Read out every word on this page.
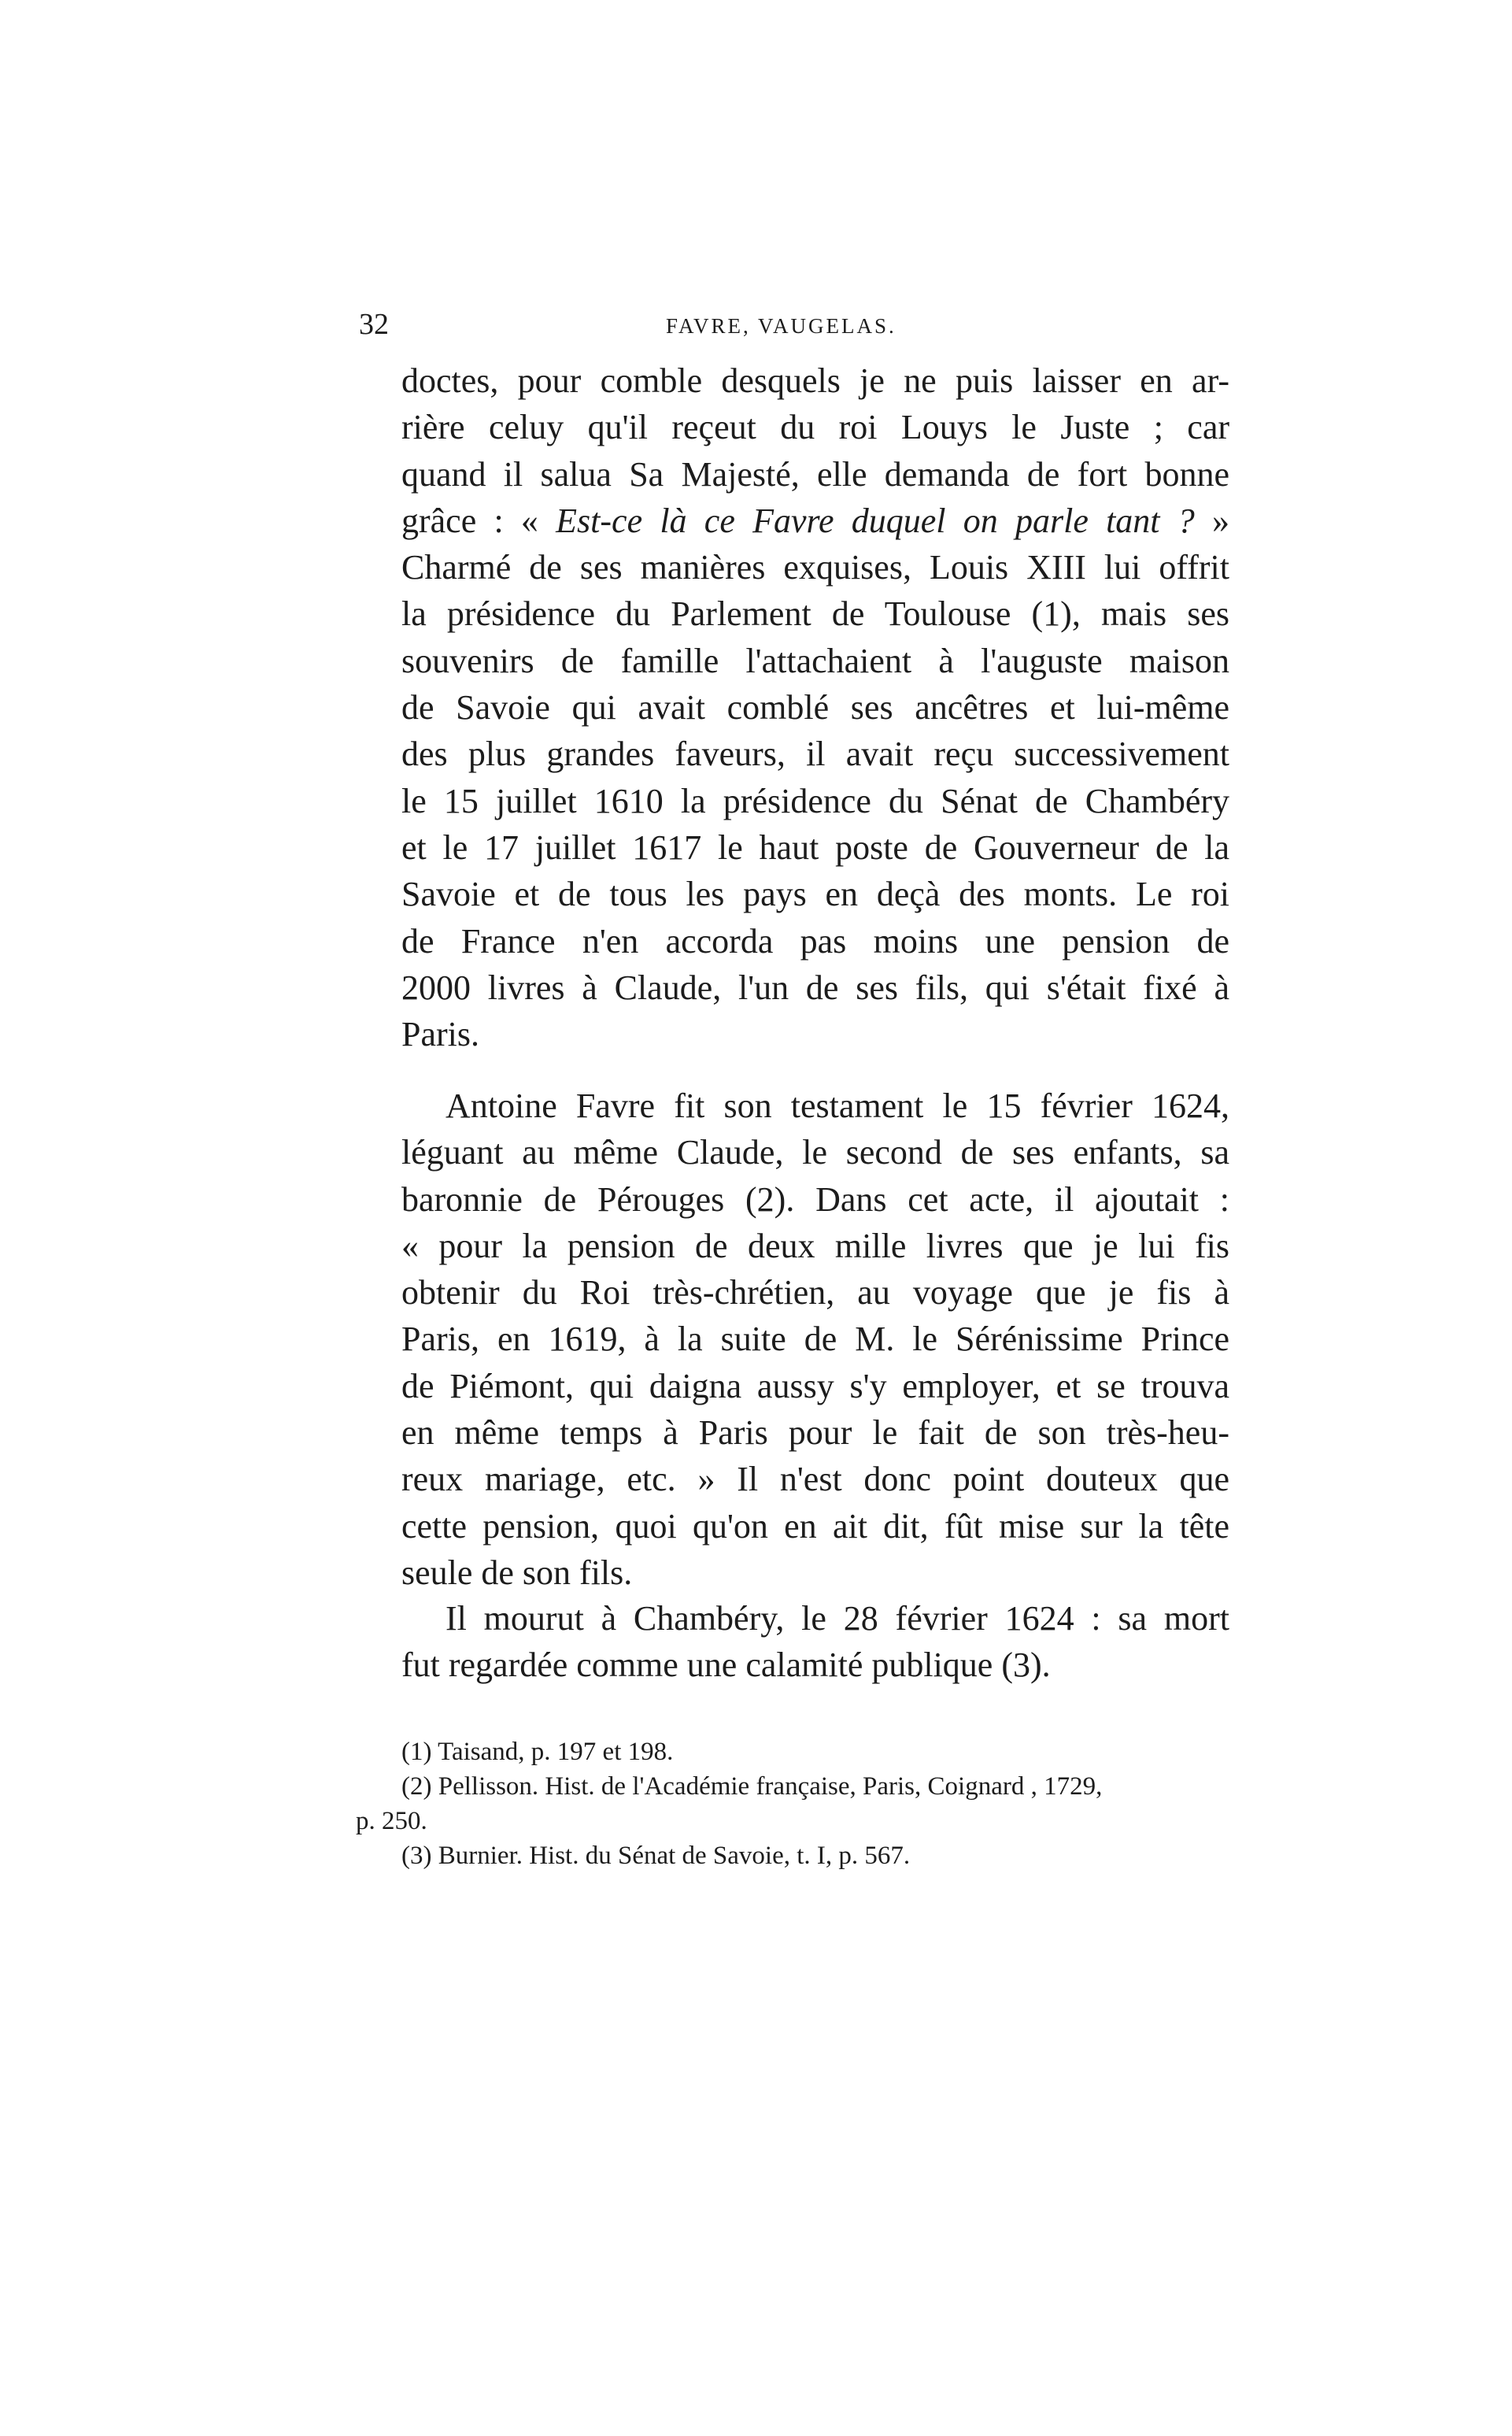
32	FAVRE, VAUGELAS.
doctes, pour comble desquels je ne puis laisser en ar-
rière celuy qu'il reçeut du roi Louys le Juste ; car
quand il salua Sa Majesté, elle demanda de fort bonne
grâce : « Est-ce là ce Favre duquel on parle tant ? »
Charmé de ses manières exquises, Louis XIII lui offrit
la présidence du Parlement de Toulouse (1), mais ses
souvenirs de famille l'attachaient à l'auguste maison
de Savoie qui avait comblé ses ancêtres et lui-même
des plus grandes faveurs, il avait reçu successivement
le 15 juillet 1610 la présidence du Sénat de Chambéry
et le 17 juillet 1617 le haut poste de Gouverneur de la
Savoie et de tous les pays en deçà des monts. Le roi
de France n'en accorda pas moins une pension de
2000 livres à Claude, l'un de ses fils, qui s'était fixé à
Paris.
Antoine Favre fit son testament le 15 février 1624,
léguant au même Claude, le second de ses enfants, sa
baronnie de Pérouges (2). Dans cet acte, il ajoutait :
« pour la pension de deux mille livres que je lui fis
obtenir du Roi très-chrétien, au voyage que je fis à
Paris, en 1619, à la suite de M. le Sérénissime Prince
de Piémont, qui daigna aussy s'y employer, et se trouva
en même temps à Paris pour le fait de son très-heu-
reux mariage, etc. » Il n'est donc point douteux que
cette pension, quoi qu'on en ait dit, fût mise sur la tête
seule de son fils.
Il mourut à Chambéry, le 28 février 1624 : sa mort
fut regardée comme une calamité publique (3).
(1) Taisand, p. 197 et 198.
(2) Pellisson. Hist. de l'Académie française, Paris, Coignard , 1729,
p. 250.
(3) Burnier. Hist. du Sénat de Savoie, t. I, p. 567.
